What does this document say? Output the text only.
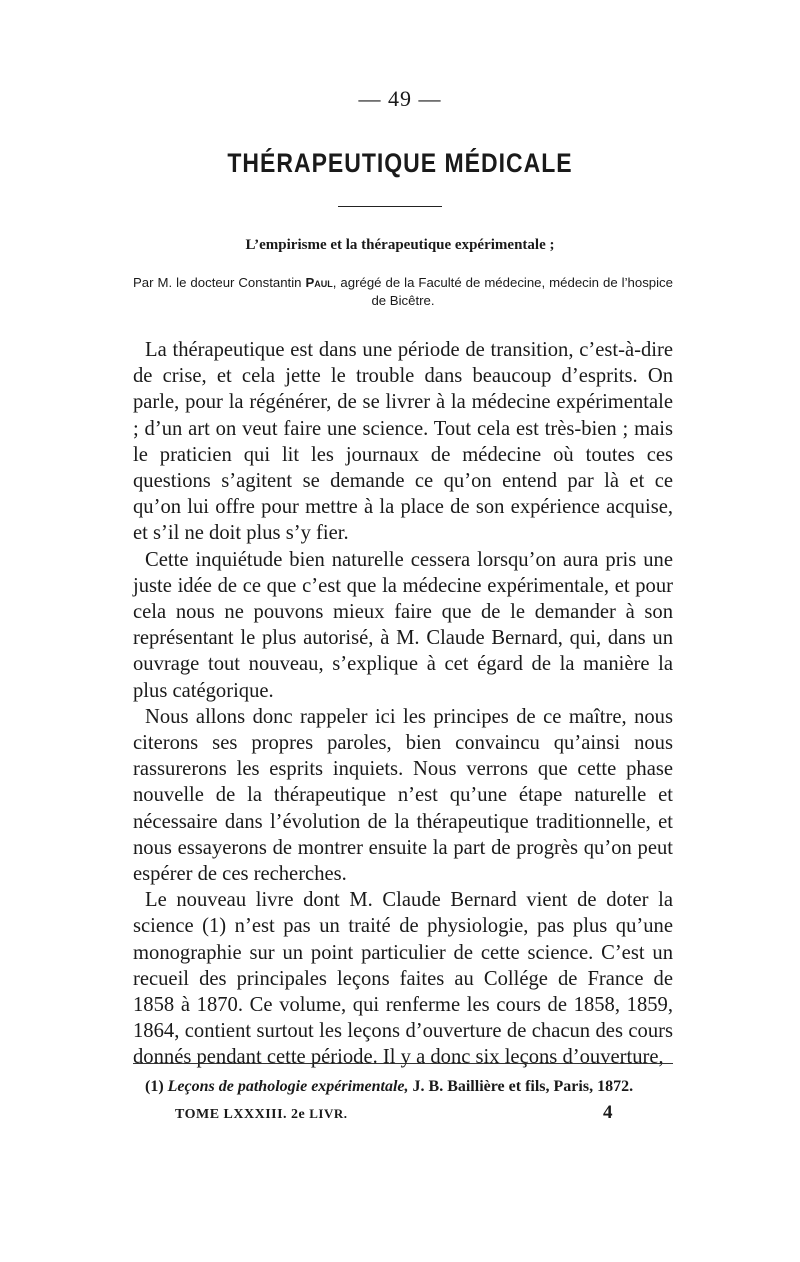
— 49 —
THÉRAPEUTIQUE MÉDICALE
L’empirisme et la thérapeutique expérimentale ;
Par M. le docteur Constantin Paul, agrégé de la Faculté de médecine, médecin de l’hospice de Bicêtre.

La thérapeutique est dans une période de transition, c’est-à-dire de crise, et cela jette le trouble dans beaucoup d’esprits. On parle, pour la régénérer, de se livrer à la médecine expérimentale ; d’un art on veut faire une science. Tout cela est très-bien ; mais le praticien qui lit les journaux de médecine où toutes ces questions s’agitent se demande ce qu’on entend par là et ce qu’on lui offre pour mettre à la place de son expérience acquise, et s’il ne doit plus s’y fier.

Cette inquiétude bien naturelle cessera lorsqu’on aura pris une juste idée de ce que c’est que la médecine expérimentale, et pour cela nous ne pouvons mieux faire que de le demander à son représentant le plus autorisé, à M. Claude Bernard, qui, dans un ouvrage tout nouveau, s’explique à cet égard de la manière la plus catégorique.

Nous allons donc rappeler ici les principes de ce maître, nous citerons ses propres paroles, bien convaincu qu’ainsi nous rassurerons les esprits inquiets. Nous verrons que cette phase nouvelle de la thérapeutique n’est qu’une étape naturelle et nécessaire dans l’évolution de la thérapeutique traditionnelle, et nous essayerons de montrer ensuite la part de progrès qu’on peut espérer de ces recherches.

Le nouveau livre dont M. Claude Bernard vient de doter la science (1) n’est pas un traité de physiologie, pas plus qu’une monographie sur un point particulier de cette science. C’est un recueil des principales leçons faites au Collége de France de 1858 à 1870. Ce volume, qui renferme les cours de 1858, 1859, 1864, contient surtout les leçons d’ouverture de chacun des cours donnés pendant cette période. Il y a donc six leçons d’ouverture,

(1) Leçons de pathologie expérimentale, J. B. Baillière et fils, Paris, 1872.
TOME LXXXIII. 2e LIVR.	4
